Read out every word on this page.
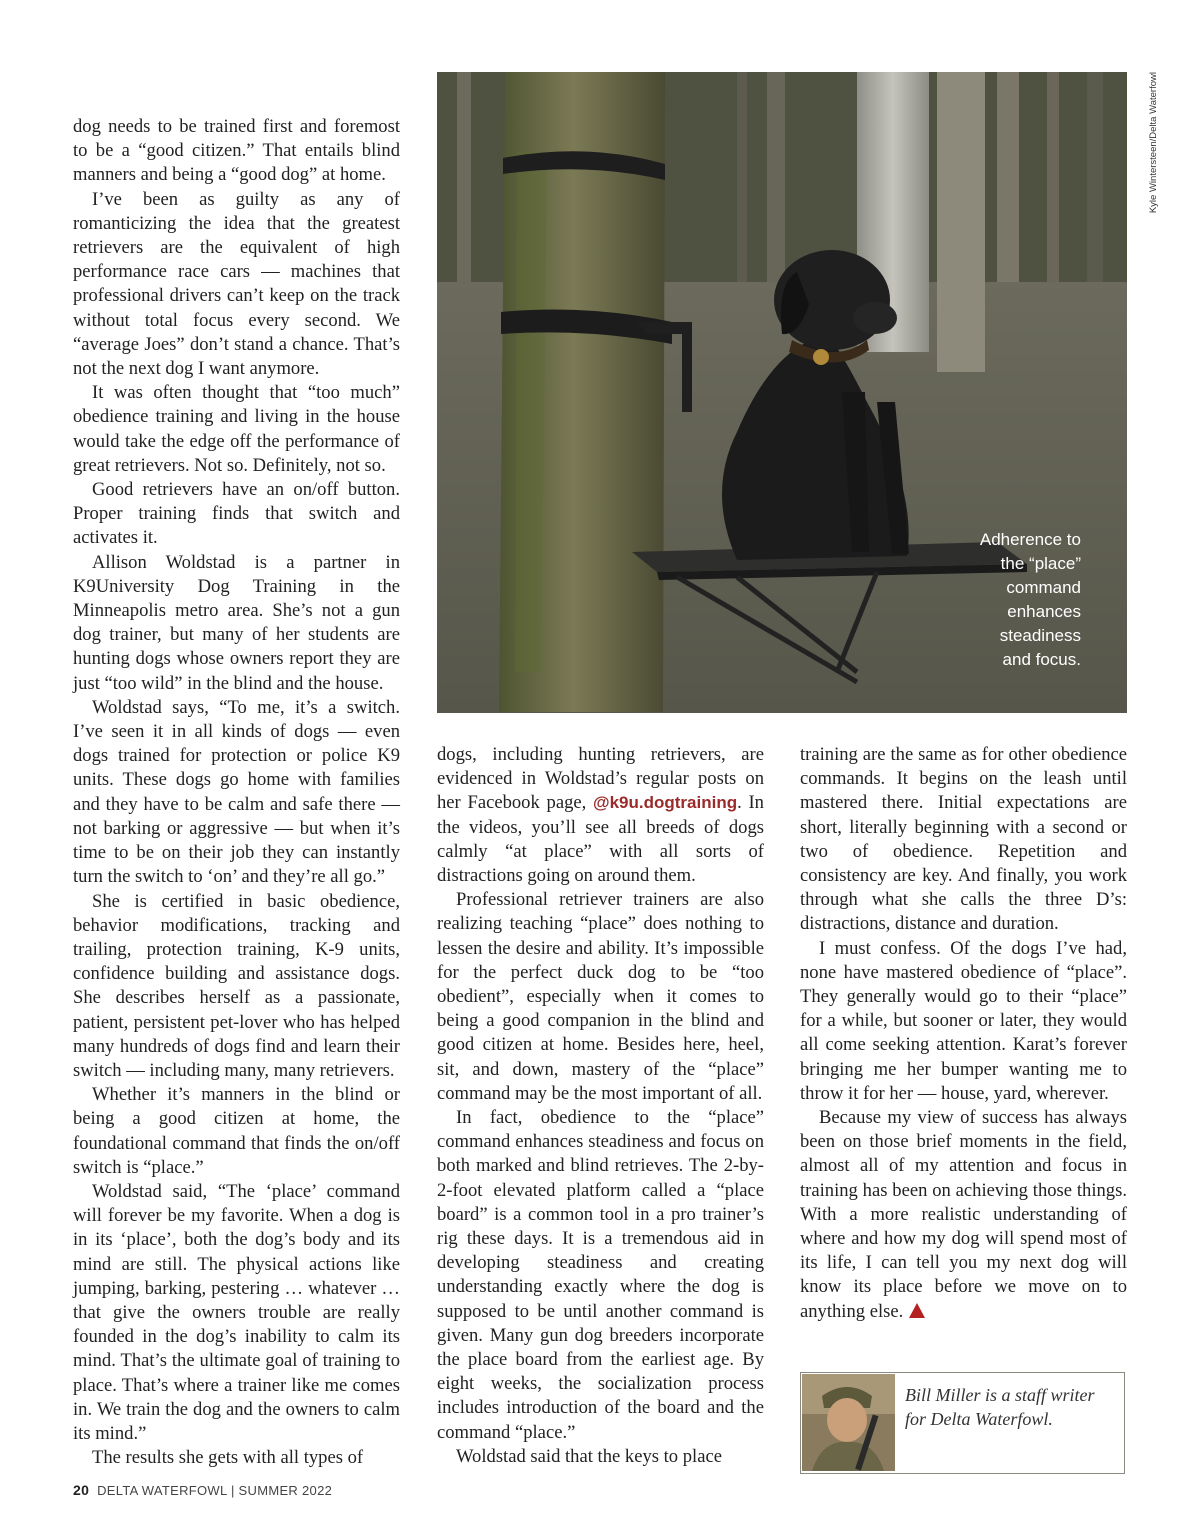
dog needs to be trained first and foremost to be a “good citizen.” That entails blind manners and being a “good dog” at home.

I’ve been as guilty as any of romanticizing the idea that the greatest retrievers are the equivalent of high performance race cars — machines that professional drivers can’t keep on the track without total focus every second. We “average Joes” don’t stand a chance. That’s not the next dog I want anymore.

It was often thought that “too much” obedience training and living in the house would take the edge off the performance of great retrievers. Not so. Definitely, not so.

Good retrievers have an on/off button. Proper training finds that switch and activates it.

Allison Woldstad is a partner in K9University Dog Training in the Minneapolis metro area. She’s not a gun dog trainer, but many of her students are hunting dogs whose owners report they are just “too wild” in the blind and the house.

Woldstad says, “To me, it’s a switch. I’ve seen it in all kinds of dogs — even dogs trained for protection or police K9 units. These dogs go home with families and they have to be calm and safe there — not barking or aggressive — but when it’s time to be on their job they can instantly turn the switch to ‘on’ and they’re all go.”

She is certified in basic obedience, behavior modifications, tracking and trailing, protection training, K-9 units, confidence building and assistance dogs. She describes herself as a passionate, patient, persistent pet-lover who has helped many hundreds of dogs find and learn their switch — including many, many retrievers.

Whether it’s manners in the blind or being a good citizen at home, the foundational command that finds the on/off switch is “place.”

Woldstad said, “The ‘place’ command will forever be my favorite. When a dog is in its ‘place’, both the dog’s body and its mind are still. The physical actions like jumping, barking, pestering … whatever … that give the owners trouble are really founded in the dog’s inability to calm its mind. That’s the ultimate goal of training to place. That’s where a trainer like me comes in. We train the dog and the owners to calm its mind.”

The results she gets with all types of

Adherence to
the “place”
command
enhances
steadiness
and focus.
Kyle Wintersteen/Delta Waterfowl

dogs, including hunting retrievers, are evidenced in Woldstad’s regular posts on her Facebook page, @k9u.dogtraining. In the videos, you’ll see all breeds of dogs calmly “at place” with all sorts of distractions going on around them.

Professional retriever trainers are also realizing teaching “place” does nothing to lessen the desire and ability. It’s impossible for the perfect duck dog to be “too obedient”, especially when it comes to being a good companion in the blind and good citizen at home. Besides here, heel, sit, and down, mastery of the “place” command may be the most important of all.

In fact, obedience to the “place” command enhances steadiness and focus on both marked and blind retrieves. The 2-by-2-foot elevated platform called a “place board” is a common tool in a pro trainer’s rig these days. It is a tremendous aid in developing steadiness and creating understanding exactly where the dog is supposed to be until another command is given. Many gun dog breeders incorporate the place board from the earliest age. By eight weeks, the socialization process includes introduction of the board and the command “place.”

Woldstad said that the keys to place

training are the same as for other obedience commands. It begins on the leash until mastered there. Initial expectations are short, literally beginning with a second or two of obedience. Repetition and consistency are key. And finally, you work through what she calls the three D’s: distractions, distance and duration.

I must confess. Of the dogs I’ve had, none have mastered obedience of “place”. They generally would go to their “place” for a while, but sooner or later, they would all come seeking attention. Karat’s forever bringing me her bumper wanting me to throw it for her — house, yard, wherever.

Because my view of success has always been on those brief moments in the field, almost all of my attention and focus in training has been on achieving those things. With a more realistic understanding of where and how my dog will spend most of its life, I can tell you my next dog will know its place before we move on to anything else.

Bill Miller is a staff writer for Delta Waterfowl.
20 DELTA WATERFOWL | SUMMER 2022
